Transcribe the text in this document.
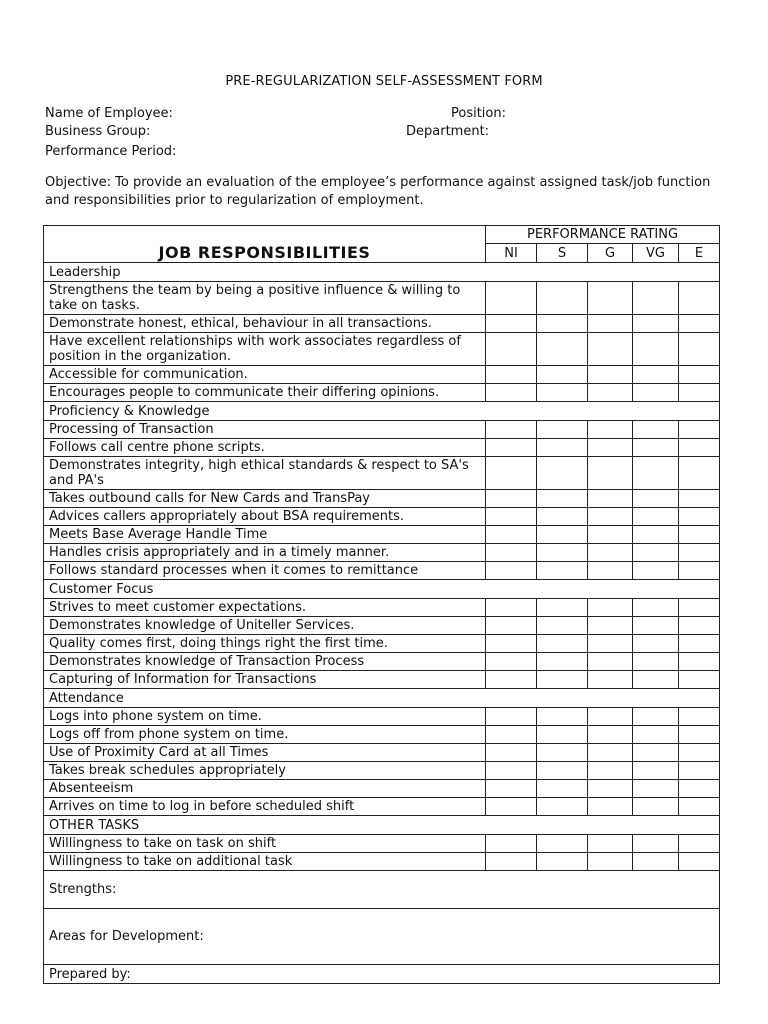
PRE-REGULARIZATION SELF-ASSESSMENT FORM
Name of Employee:	Position:
Business Group:	Department:
Performance Period:
Objective: To provide an evaluation of the employee’s performance against assigned task/job function and responsibilities prior to regularization of employment.
JOB RESPONSIBILITIES	PERFORMANCE RATING				
	NI	S	G	VG	E
Leadership					
Strengthens the team by being a positive influence & willing to take on tasks.					
Demonstrate honest, ethical, behaviour in all transactions.					
Have excellent relationships with work associates regardless of position in the organization.					
Accessible for communication.					
Encourages people to communicate their differing opinions.					
Proficiency & Knowledge					
Processing of Transaction					
Follows call centre phone scripts.					
Demonstrates integrity, high ethical standards & respect to SA's and PA's					
Takes outbound calls for New Cards and TransPay					
Advices callers appropriately about BSA requirements.					
Meets Base Average Handle Time					
Handles crisis appropriately and in a timely manner.					
Follows standard processes when it comes to remittance					
Customer Focus					
Strives to meet customer expectations.					
Demonstrates knowledge of Uniteller Services.					
Quality comes first, doing things right the first time.					
Demonstrates knowledge of Transaction Process					
Capturing of Information for Transactions					
Attendance					
Logs into phone system on time.					
Logs off from phone system on time.					
Use of Proximity Card at all Times					
Takes break schedules appropriately					
Absenteeism					
Arrives on time to log in before scheduled shift					
OTHER TASKS					
Willingness to take on task on shift					
Willingness to take on additional task					
Strengths:					
Areas for Development:					
Prepared by:					
